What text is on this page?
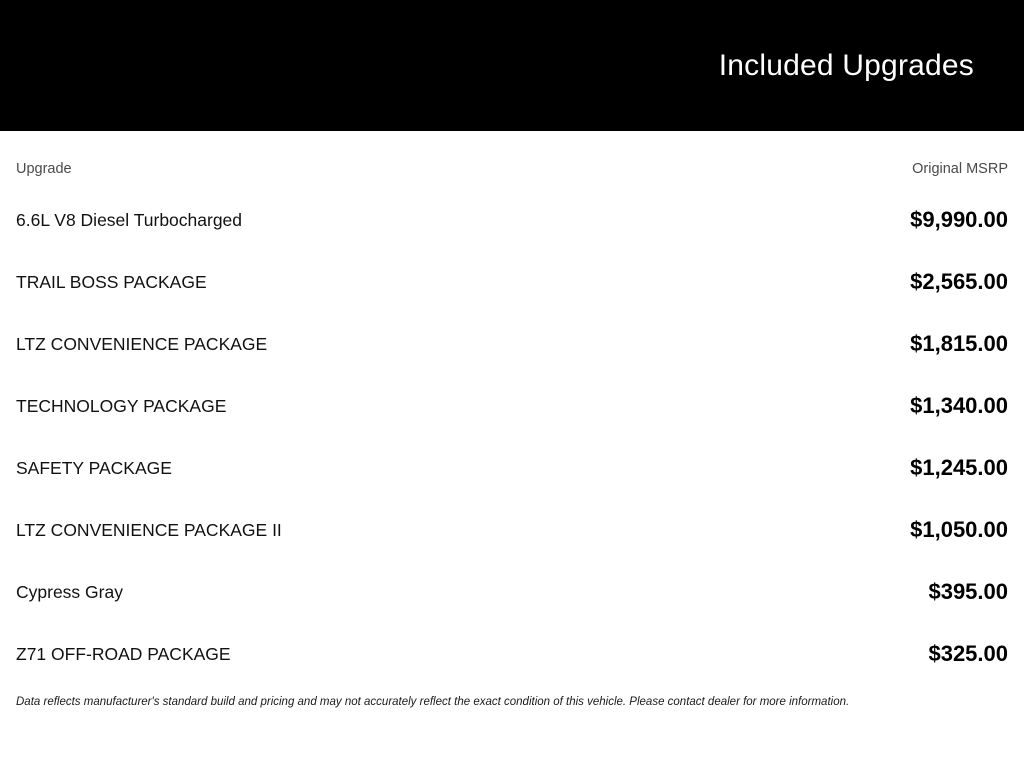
Included Upgrades
Upgrade	Original MSRP
6.6L V8 Diesel Turbocharged	$9,990.00
TRAIL BOSS PACKAGE	$2,565.00
LTZ CONVENIENCE PACKAGE	$1,815.00
TECHNOLOGY PACKAGE	$1,340.00
SAFETY PACKAGE	$1,245.00
LTZ CONVENIENCE PACKAGE II	$1,050.00
Cypress Gray	$395.00
Z71 OFF-ROAD PACKAGE	$325.00
Data reflects manufacturer's standard build and pricing and may not accurately reflect the exact condition of this vehicle. Please contact dealer for more information.
